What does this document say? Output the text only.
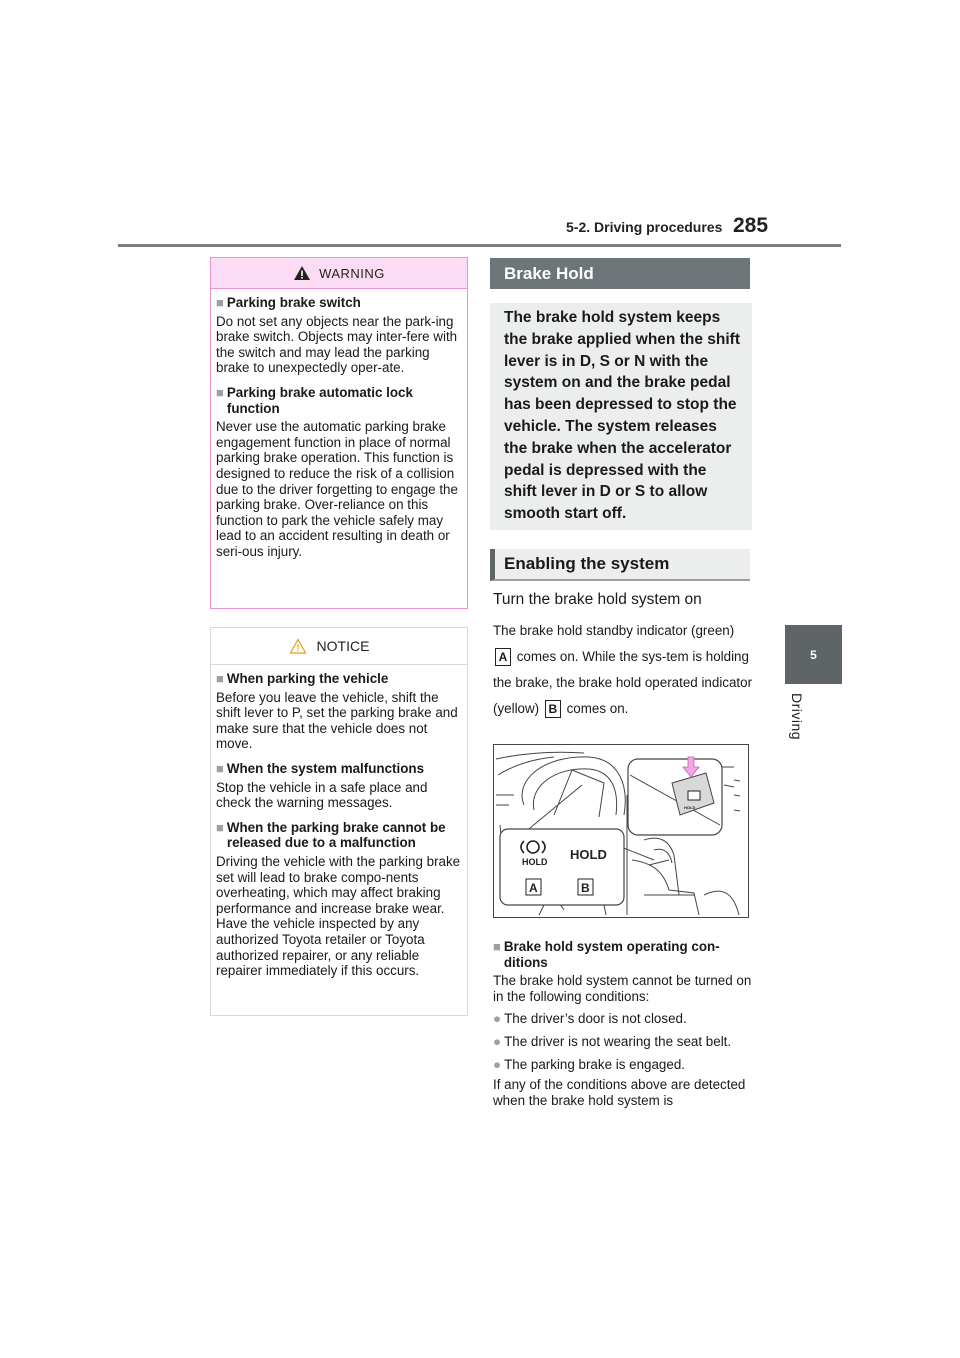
5-2. Driving procedures 285
5
Driving
WARNING
■ Parking brake switch
Do not set any objects near the park-ing brake switch. Objects may inter-fere with the switch and may lead the parking brake to unexpectedly oper-ate.
■ Parking brake automatic lock function
Never use the automatic parking brake engagement function in place of normal parking brake operation. This function is designed to reduce the risk of a collision due to the driver forgetting to engage the parking brake. Over-reliance on this function to park the vehicle safely may lead to an accident resulting in death or seri-ous injury.
NOTICE
■ When parking the vehicle
Before you leave the vehicle, shift the shift lever to P, set the parking brake and make sure that the vehicle does not move.
■ When the system malfunctions
Stop the vehicle in a safe place and check the warning messages.
■ When the parking brake cannot be released due to a malfunction
Driving the vehicle with the parking brake set will lead to brake compo-nents overheating, which may affect braking performance and increase brake wear. Have the vehicle inspected by any authorized Toyota retailer or Toyota authorized repairer, or any reliable repairer immediately if this occurs.
Brake Hold

The brake hold system keeps the brake applied when the shift lever is in D, S or N with the system on and the brake pedal has been depressed to stop the vehicle. The system releases the brake when the accelerator pedal is depressed with the shift lever in D or S to allow smooth start off.

Enabling the system
Turn the brake hold system on
The brake hold standby indicator (green) A comes on. While the sys-tem is holding the brake, the brake hold operated indicator (yellow) B comes on.
HOLD
HOLD HOLD
A	B
■ Brake hold system operating con-ditions
The brake hold system cannot be turned on in the following conditions:
● The driver’s door is not closed.
● The driver is not wearing the seat belt.
● The parking brake is engaged.
If any of the conditions above are detected when the brake hold system is
